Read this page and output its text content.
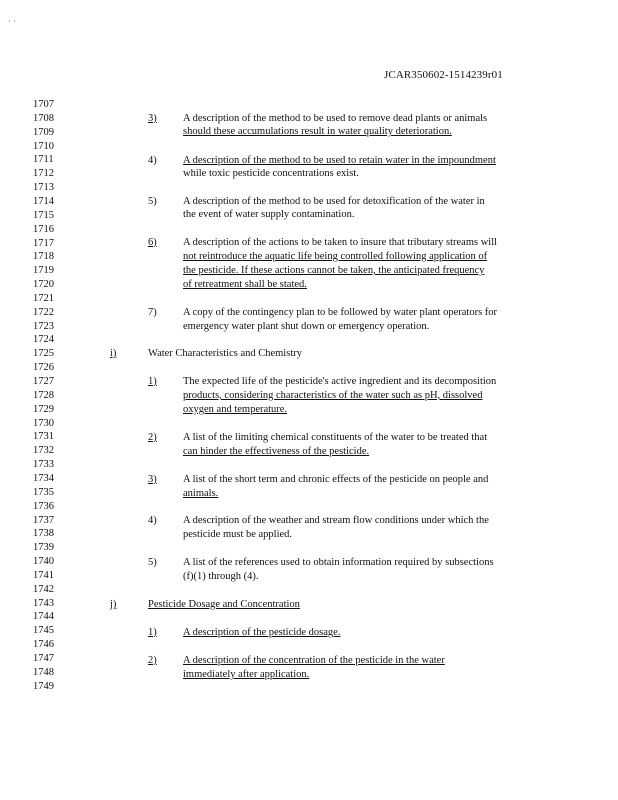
· ·
JCAR350602-1514239r01
1707
1708
1709
1710
1711
1712
1713
1714
1715
1716
1717
1718
1719
1720
1721
1722
1723
1724
1725
1726
1727
1728
1729
1730
1731
1732
1733
1734
1735
1736
1737
1738
1739
1740
1741
1742
1743
1744
1745
1746
1747
1748
1749
3)	A description of the method to be used to remove dead plants or animals
should these accumulations result in water quality deterioration.
4)	A description of the method to be used to retain water in the impoundment
while toxic pesticide concentrations exist.
5)	A description of the method to be used for detoxification of the water in
the event of water supply contamination.
6)	A description of the actions to be taken to insure that tributary streams will
not reintroduce the aquatic life being controlled following application of
the pesticide. If these actions cannot be taken, the anticipated frequency
of retreatment shall be stated.
7)	A copy of the contingency plan to be followed by water plant operators for
emergency water plant shut down or emergency operation.
i)	Water Characteristics and Chemistry
1)	The expected life of the pesticide's active ingredient and its decomposition
products, considering characteristics of the water such as pH, dissolved
oxygen and temperature.
2)	A list of the limiting chemical constituents of the water to be treated that
can hinder the effectiveness of the pesticide.
3)	A list of the short term and chronic effects of the pesticide on people and
animals.
4)	A description of the weather and stream flow conditions under which the
pesticide must be applied.
5)	A list of the references used to obtain information required by subsections
(f)(1) through (4).
j)	Pesticide Dosage and Concentration
1)	A description of the pesticide dosage.
2)	A description of the concentration of the pesticide in the water
immediately after application.
